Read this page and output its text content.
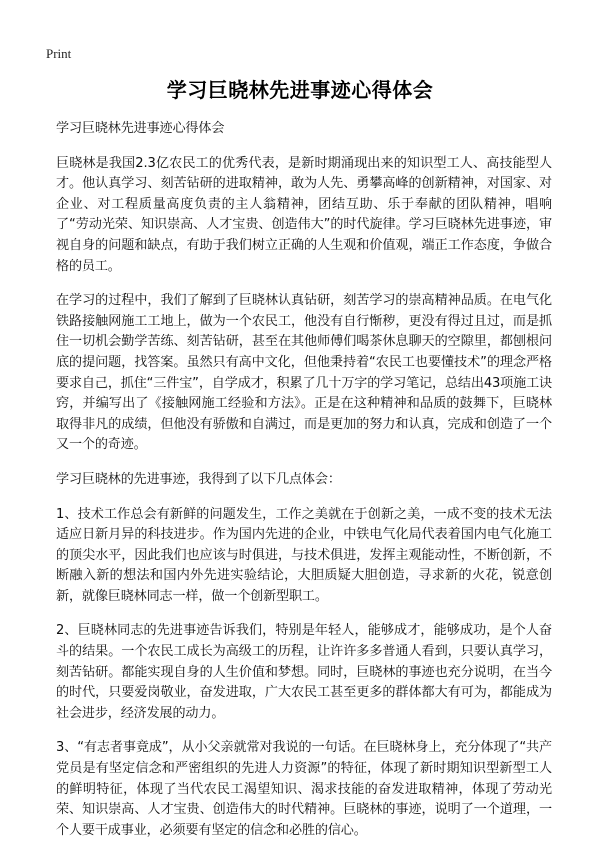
Print
学习巨晓林先进事迹心得体会

学习巨晓林先进事迹心得体会

巨晓林是我国2.3亿农民工的优秀代表，是新时期涌现出来的知识型工人、高技能型人才。他认真学习、刻苦钻研的进取精神，敢为人先、勇攀高峰的创新精神，对国家、对企业、对工程质量高度负责的主人翁精神，团结互助、乐于奉献的团队精神，唱响了“劳动光荣、知识崇高、人才宝贵、创造伟大”的时代旋律。学习巨晓林先进事迹，审视自身的问题和缺点，有助于我们树立正确的人生观和价值观，端正工作态度，争做合格的员工。

在学习的过程中，我们了解到了巨晓林认真钻研，刻苦学习的崇高精神品质。在电气化铁路接触网施工工地上，做为一个农民工，他没有自行惭秽，更没有得过且过，而是抓住一切机会勤学苦练、刻苦钻研，甚至在其他师傅们喝茶休息聊天的空隙里，都刨根问底的提问题，找答案。虽然只有高中文化，但他秉持着“农民工也要懂技术”的理念严格要求自己，抓住“三件宝”，自学成才，积累了几十万字的学习笔记，总结出43项施工诀窍，并编写出了《接触网施工经验和方法》。正是在这种精神和品质的鼓舞下，巨晓林取得非凡的成绩，但他没有骄傲和自满过，而是更加的努力和认真，完成和创造了一个又一个的奇迹。

学习巨晓林的先进事迹，我得到了以下几点体会：

1、技术工作总会有新鲜的问题发生，工作之美就在于创新之美，一成不变的技术无法适应日新月异的科技进步。作为国内先进的企业，中铁电气化局代表着国内电气化施工的顶尖水平，因此我们也应该与时俱进，与技术俱进，发挥主观能动性，不断创新，不断融入新的想法和国内外先进实验结论，大胆质疑大胆创造，寻求新的火花，锐意创新，就像巨晓林同志一样，做一个创新型职工。

2、巨晓林同志的先进事迹告诉我们，特别是年轻人，能够成才，能够成功，是个人奋斗的结果。一个农民工成长为高级工的历程，让许许多多普通人看到，只要认真学习，刻苦钻研。都能实现自身的人生价值和梦想。同时，巨晓林的事迹也充分说明，在当今的时代，只要爱岗敬业，奋发进取，广大农民工甚至更多的群体都大有可为，都能成为社会进步，经济发展的动力。

3、“有志者事竟成”，从小父亲就常对我说的一句话。在巨晓林身上，充分体现了“共产党员是有坚定信念和严密组织的先进人力资源”的特征，体现了新时期知识型新型工人的鲜明特征，体现了当代农民工渴望知识、渴求技能的奋发进取精神，体现了劳动光荣、知识崇高、人才宝贵、创造伟大的时代精神。巨晓林的事迹，说明了一个道理，一个人要干成事业，必须要有坚定的信念和必胜的信心。
